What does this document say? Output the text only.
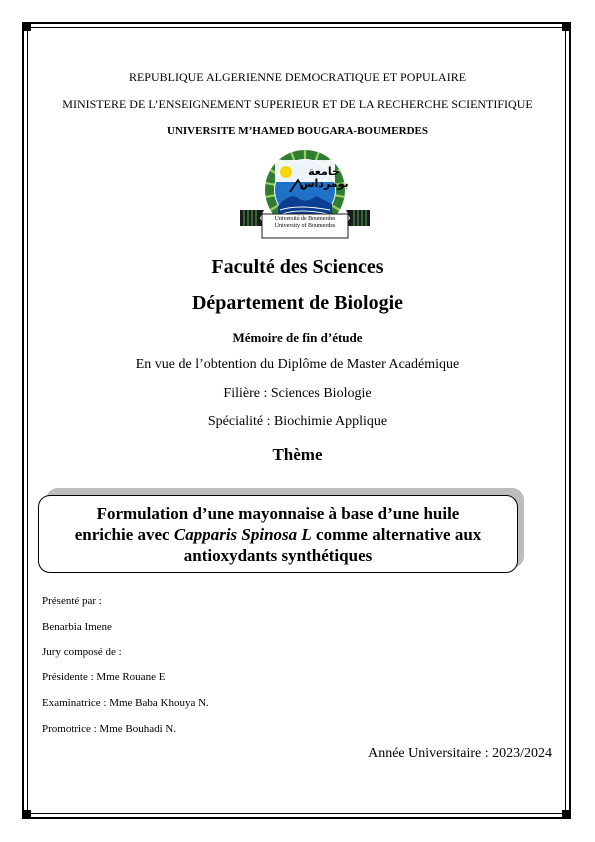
REPUBLIQUE ALGERIENNE DEMOCRATIQUE ET POPULAIRE
MINISTERE DE L’ENSEIGNEMENT SUPERIEUR ET DE LA RECHERCHE SCIENTIFIQUE
UNIVERSITE M’HAMED BOUGARA-BOUMERDES
جامعة بومرداس
Université de Boumerdes
University of Boumerdes
Faculté des Sciences
Département de Biologie
Mémoire de fin d’étude
En vue de l’obtention du Diplôme de Master Académique
Filière : Sciences Biologie
Spécialité : Biochimie Applique
Thème
Formulation d’une mayonnaise à base d’une huile
enrichie avec Capparis Spinosa L comme alternative aux
antioxydants synthétiques
Présenté par :
Benarbia Imene
Jury composé de :
Présidente : Mme Rouane E
Examinatrice : Mme Baba Khouya N.
Promotrice : Mme Bouhadi N.
Année Universitaire : 2023/2024
